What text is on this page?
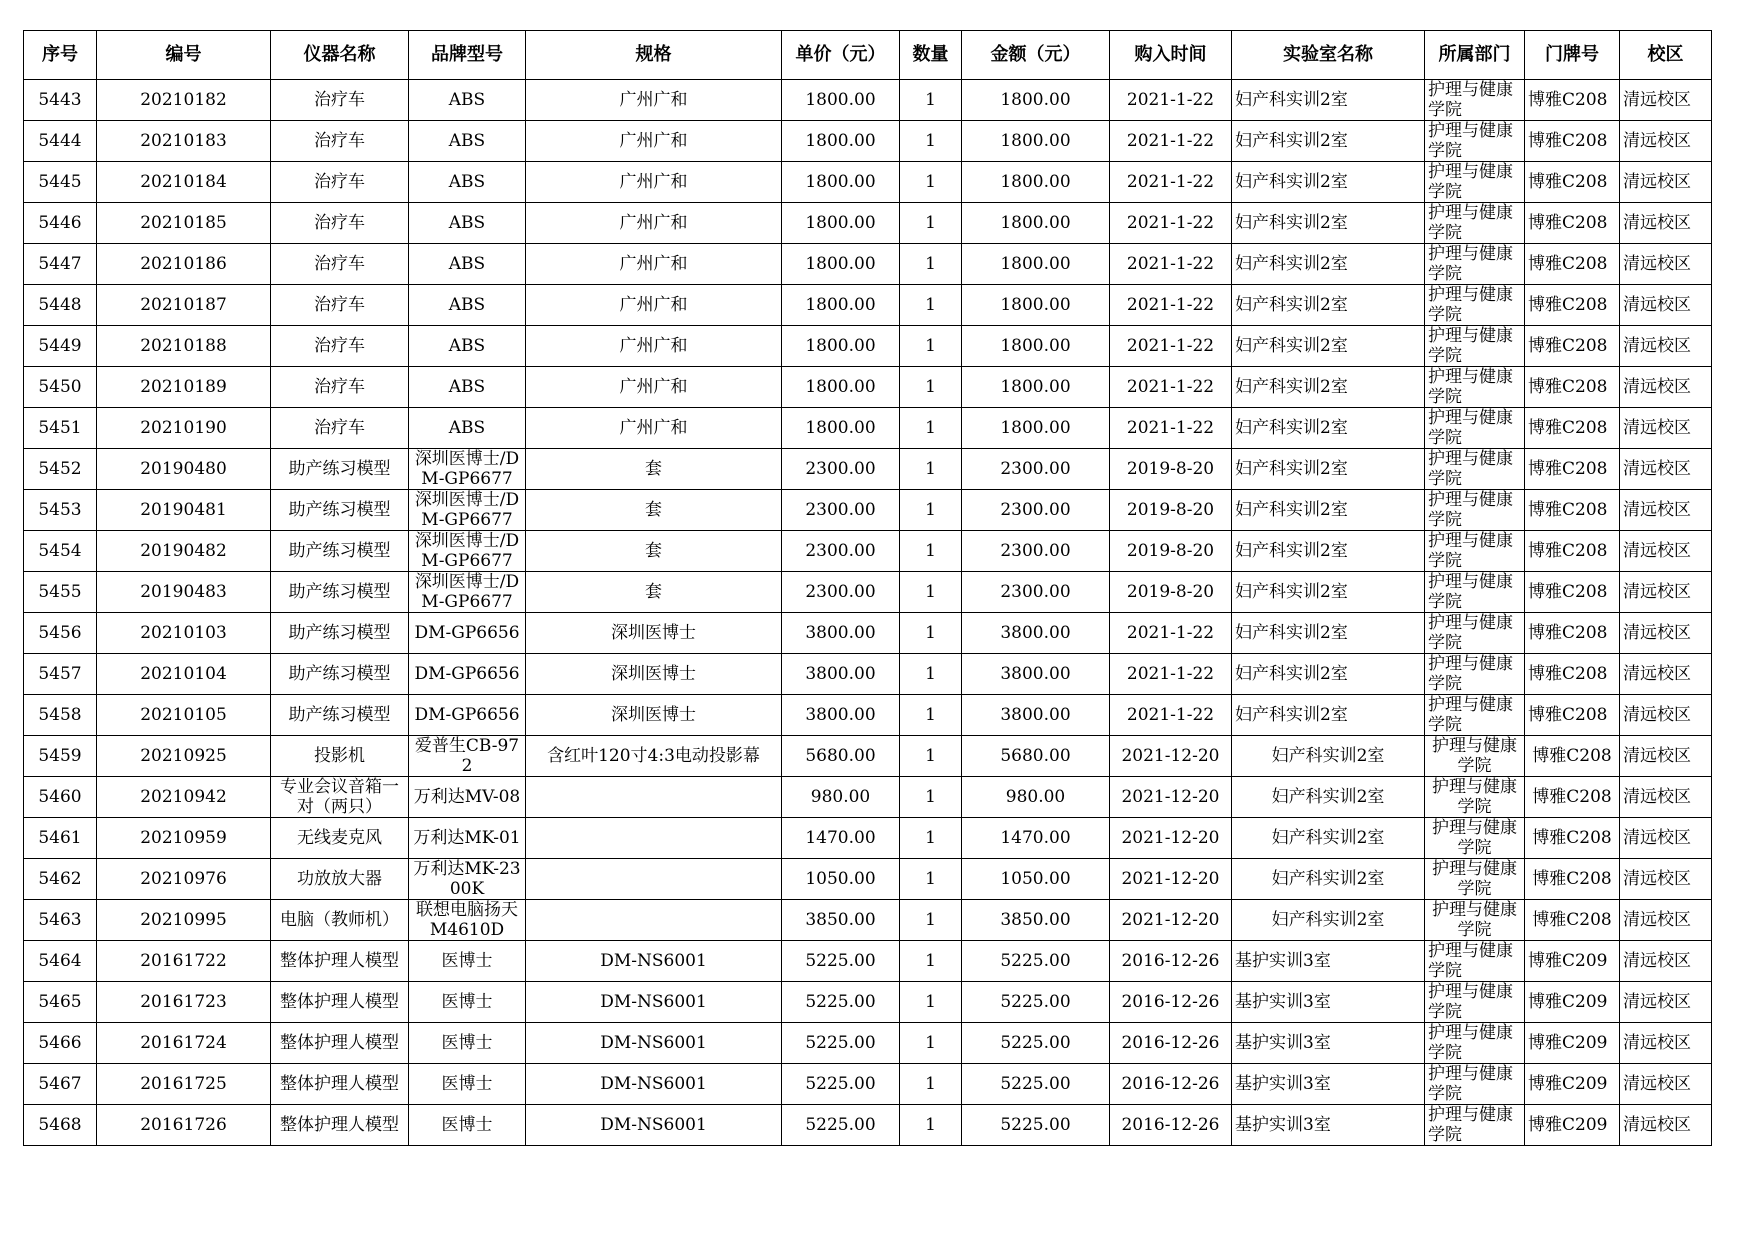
序号	编号	仪器名称	品牌型号	规格	单价（元）	数量	金额（元）	购入时间	实验室名称	所属部门	门牌号	校区

5443	20210182	治疗车	ABS	广州广和	1800.00	1	1800.00	2021-1-22	妇产科实训2室	护理与健康学院	博雅C208	清远校区

5444	20210183	治疗车	ABS	广州广和	1800.00	1	1800.00	2021-1-22	妇产科实训2室	护理与健康学院	博雅C208	清远校区

5445	20210184	治疗车	ABS	广州广和	1800.00	1	1800.00	2021-1-22	妇产科实训2室	护理与健康学院	博雅C208	清远校区

5446	20210185	治疗车	ABS	广州广和	1800.00	1	1800.00	2021-1-22	妇产科实训2室	护理与健康学院	博雅C208	清远校区

5447	20210186	治疗车	ABS	广州广和	1800.00	1	1800.00	2021-1-22	妇产科实训2室	护理与健康学院	博雅C208	清远校区

5448	20210187	治疗车	ABS	广州广和	1800.00	1	1800.00	2021-1-22	妇产科实训2室	护理与健康学院	博雅C208	清远校区

5449	20210188	治疗车	ABS	广州广和	1800.00	1	1800.00	2021-1-22	妇产科实训2室	护理与健康学院	博雅C208	清远校区

5450	20210189	治疗车	ABS	广州广和	1800.00	1	1800.00	2021-1-22	妇产科实训2室	护理与健康学院	博雅C208	清远校区

5451	20210190	治疗车	ABS	广州广和	1800.00	1	1800.00	2021-1-22	妇产科实训2室	护理与健康学院	博雅C208	清远校区

5452	20190480	助产练习模型	深圳医博士/DM-GP6677	套	2300.00	1	2300.00	2019-8-20	妇产科实训2室	护理与健康学院	博雅C208	清远校区

5453	20190481	助产练习模型	深圳医博士/DM-GP6677	套	2300.00	1	2300.00	2019-8-20	妇产科实训2室	护理与健康学院	博雅C208	清远校区

5454	20190482	助产练习模型	深圳医博士/DM-GP6677	套	2300.00	1	2300.00	2019-8-20	妇产科实训2室	护理与健康学院	博雅C208	清远校区

5455	20190483	助产练习模型	深圳医博士/DM-GP6677	套	2300.00	1	2300.00	2019-8-20	妇产科实训2室	护理与健康学院	博雅C208	清远校区

5456	20210103	助产练习模型	DM-GP6656	深圳医博士	3800.00	1	3800.00	2021-1-22	妇产科实训2室	护理与健康学院	博雅C208	清远校区

5457	20210104	助产练习模型	DM-GP6656	深圳医博士	3800.00	1	3800.00	2021-1-22	妇产科实训2室	护理与健康学院	博雅C208	清远校区

5458	20210105	助产练习模型	DM-GP6656	深圳医博士	3800.00	1	3800.00	2021-1-22	妇产科实训2室	护理与健康学院	博雅C208	清远校区

5459	20210925	投影机	爱普生CB-972	含红叶120寸4:3电动投影幕	5680.00	1	5680.00	2021-12-20	妇产科实训2室	护理与健康学院	博雅C208	清远校区

5460	20210942	专业会议音箱一对（两只）	万利达MV-08		980.00	1	980.00	2021-12-20	妇产科实训2室	护理与健康学院	博雅C208	清远校区

5461	20210959	无线麦克风	万利达MK-01		1470.00	1	1470.00	2021-12-20	妇产科实训2室	护理与健康学院	博雅C208	清远校区

5462	20210976	功放放大器	万利达MK-2300K		1050.00	1	1050.00	2021-12-20	妇产科实训2室	护理与健康学院	博雅C208	清远校区

5463	20210995	电脑（教师机）	联想电脑扬天M4610D		3850.00	1	3850.00	2021-12-20	妇产科实训2室	护理与健康学院	博雅C208	清远校区

5464	20161722	整体护理人模型	医博士	DM-NS6001	5225.00	1	5225.00	2016-12-26	基护实训3室	护理与健康学院	博雅C209	清远校区

5465	20161723	整体护理人模型	医博士	DM-NS6001	5225.00	1	5225.00	2016-12-26	基护实训3室	护理与健康学院	博雅C209	清远校区

5466	20161724	整体护理人模型	医博士	DM-NS6001	5225.00	1	5225.00	2016-12-26	基护实训3室	护理与健康学院	博雅C209	清远校区

5467	20161725	整体护理人模型	医博士	DM-NS6001	5225.00	1	5225.00	2016-12-26	基护实训3室	护理与健康学院	博雅C209	清远校区

5468	20161726	整体护理人模型	医博士	DM-NS6001	5225.00	1	5225.00	2016-12-26	基护实训3室	护理与健康学院	博雅C209	清远校区
